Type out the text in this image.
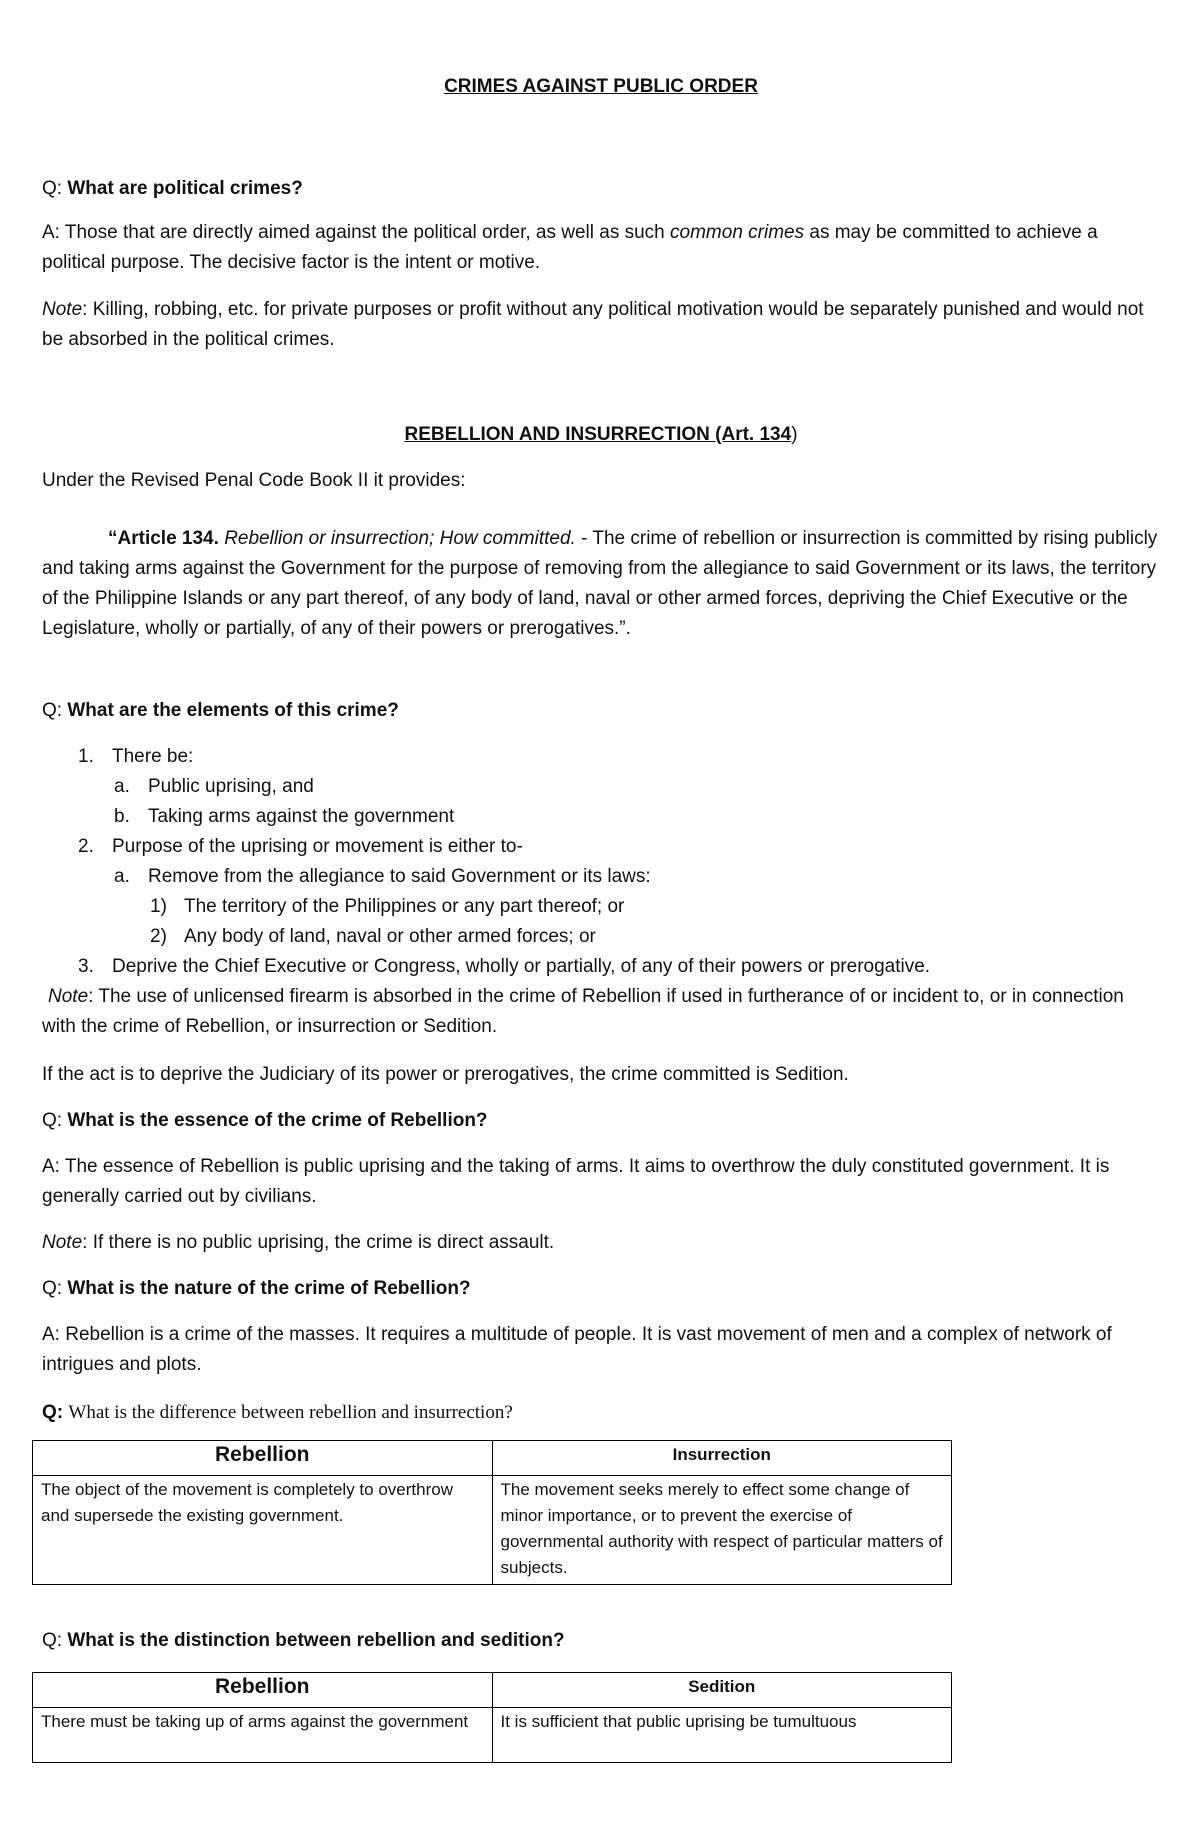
CRIMES AGAINST PUBLIC ORDER
Q: What are political crimes?
A: Those that are directly aimed against the political order, as well as such common crimes as may be committed to achieve a political purpose. The decisive factor is the intent or motive.
Note: Killing, robbing, etc. for private purposes or profit without any political motivation would be separately punished and would not be absorbed in the political crimes.
REBELLION AND INSURRECTION (Art. 134)
Under the Revised Penal Code Book II it provides:
“Article 134. Rebellion or insurrection; How committed. - The crime of rebellion or insurrection is committed by rising publicly and taking arms against the Government for the purpose of removing from the allegiance to said Government or its laws, the territory of the Philippine Islands or any part thereof, of any body of land, naval or other armed forces, depriving the Chief Executive or the Legislature, wholly or partially, of any of their powers or prerogatives.”.
Q: What are the elements of this crime?
1. There be:
a. Public uprising, and
b. Taking arms against the government
2. Purpose of the uprising or movement is either to-
a. Remove from the allegiance to said Government or its laws:
1) The territory of the Philippines or any part thereof; or
2) Any body of land, naval or other armed forces; or
3. Deprive the Chief Executive or Congress, wholly or partially, of any of their powers or prerogative.
Note: The use of unlicensed firearm is absorbed in the crime of Rebellion if used in furtherance of or incident to, or in connection with the crime of Rebellion, or insurrection or Sedition.
If the act is to deprive the Judiciary of its power or prerogatives, the crime committed is Sedition.
Q: What is the essence of the crime of Rebellion?
A: The essence of Rebellion is public uprising and the taking of arms. It aims to overthrow the duly constituted government. It is generally carried out by civilians.
Note: If there is no public uprising, the crime is direct assault.
Q: What is the nature of the crime of Rebellion?
A: Rebellion is a crime of the masses. It requires a multitude of people. It is vast movement of men and a complex of network of intrigues and plots.
Q: What is the difference between rebellion and insurrection?
Rebellion	Insurrection
The object of the movement is completely to overthrow and supersede the existing government.	The movement seeks merely to effect some change of minor importance, or to prevent the exercise of governmental authority with respect of particular matters of subjects.
Q: What is the distinction between rebellion and sedition?
Rebellion	Sedition
There must be taking up of arms against the government	It is sufficient that public uprising be tumultuous
